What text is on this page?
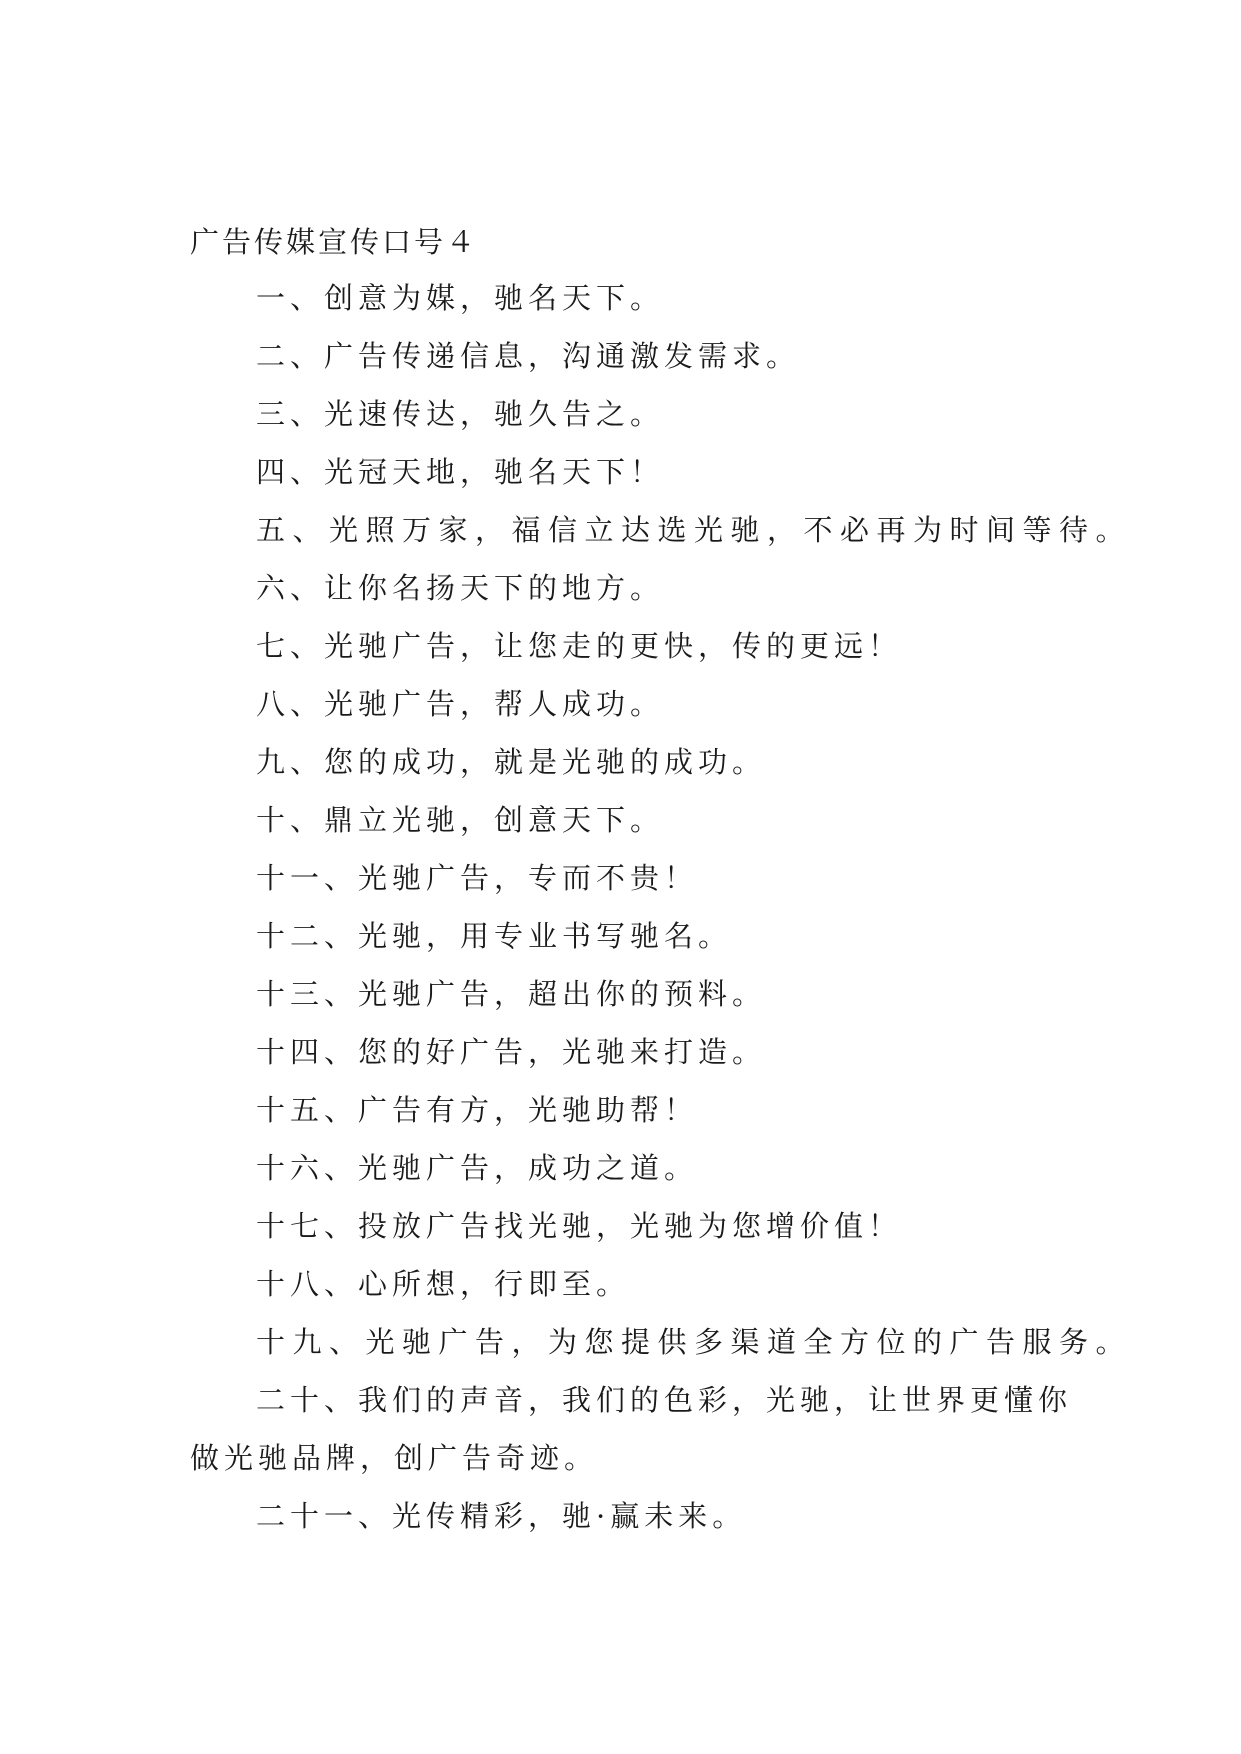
广告传媒宣传口号４
一、创意为媒，驰名天下。
二、广告传递信息，沟通激发需求。
三、光速传达，驰久告之。
四、光冠天地，驰名天下！
五、光照万家，福信立达选光驰，不必再为时间等待。
六、让你名扬天下的地方。
七、光驰广告，让您走的更快，传的更远！
八、光驰广告，帮人成功。
九、您的成功，就是光驰的成功。
十、鼎立光驰，创意天下。
十一、光驰广告，专而不贵！
十二、光驰，用专业书写驰名。
十三、光驰广告，超出你的预料。
十四、您的好广告，光驰来打造。
十五、广告有方，光驰助帮！
十六、光驰广告，成功之道。
十七、投放广告找光驰，光驰为您增价值！
十八、心所想，行即至。
十九、光驰广告，为您提供多渠道全方位的广告服务。
二十、我们的声音，我们的色彩，光驰，让世界更懂你
做光驰品牌，创广告奇迹。
二十一、光传精彩，驰·赢未来。
